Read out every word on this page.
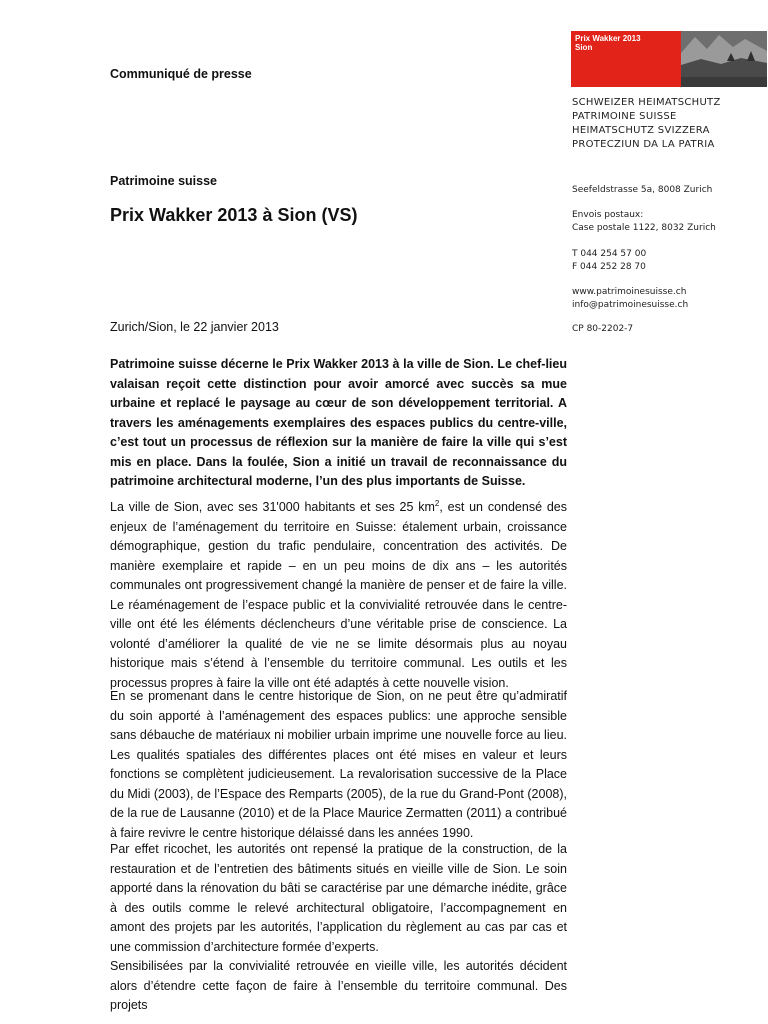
Prix Wakker 2013
Sion
SCHWEIZER HEIMATSCHUTZ
PATRIMOINE SUISSE
HEIMATSCHUTZ SVIZZERA
PROTECZIUN DA LA PATRIA
Seefeldstrasse 5a, 8008 Zurich
Envois postaux:
Case postale 1122, 8032 Zurich
T 044 254 57 00
F 044 252 28 70
www.patrimoinesuisse.ch
info@patrimoinesuisse.ch
CP 80-2202-7
Communiqué de presse
Patrimoine suisse
Prix Wakker 2013 à Sion (VS)
Zurich/Sion, le 22 janvier 2013

Patrimoine suisse décerne le Prix Wakker 2013 à la ville de Sion. Le chef-lieu valaisan reçoit cette distinction pour avoir amorcé avec succès sa mue urbaine et replacé le paysage au cœur de son développement territorial. A travers les aménagements exemplaires des espaces publics du centre-ville, c’est tout un processus de réflexion sur la manière de faire la ville qui s’est mis en place. Dans la foulée, Sion a initié un travail de reconnaissance du patrimoine architectural moderne, l’un des plus importants de Suisse.

La ville de Sion, avec ses 31'000 habitants et ses 25 $km^2$, est un condensé des enjeux de l’aménagement du territoire en Suisse: étalement urbain, croissance démographique, gestion du trafic pendulaire, concentration des activités. De manière exemplaire et rapide – en un peu moins de dix ans – les autorités communales ont progressivement changé la manière de penser et de faire la ville. Le réaménagement de l’espace public et la convivialité retrouvée dans le centre-ville ont été les éléments déclencheurs d’une véritable prise de conscience. La volonté d’améliorer la qualité de vie ne se limite désormais plus au noyau historique mais s’étend à l’ensemble du territoire communal. Les outils et les processus propres à faire la ville ont été adaptés à cette nouvelle vision.

En se promenant dans le centre historique de Sion, on ne peut être qu’admiratif du soin apporté à l’aménagement des espaces publics: une approche sensible sans débauche de matériaux ni mobilier urbain imprime une nouvelle force au lieu. Les qualités spatiales des différentes places ont été mises en valeur et leurs fonctions se complètent judicieusement. La revalorisation successive de la Place du Midi (2003), de l’Espace des Remparts (2005), de la rue du Grand-Pont (2008), de la rue de Lausanne (2010) et de la Place Maurice Zermatten (2011) a contribué à faire revivre le centre historique délaissé dans les années 1990.

Par effet ricochet, les autorités ont repensé la pratique de la construction, de la restauration et de l’entretien des bâtiments situés en vieille ville de Sion. Le soin apporté dans la rénovation du bâti se caractérise par une démarche inédite, grâce à des outils comme le relevé architectural obligatoire, l’accompagnement en amont des projets par les autorités, l’application du règlement au cas par cas et une commission d’architecture formée d’experts.

Sensibilisées par la convivialité retrouvée en vieille ville, les autorités décident alors d’étendre cette façon de faire à l’ensemble du territoire communal. Des projets
